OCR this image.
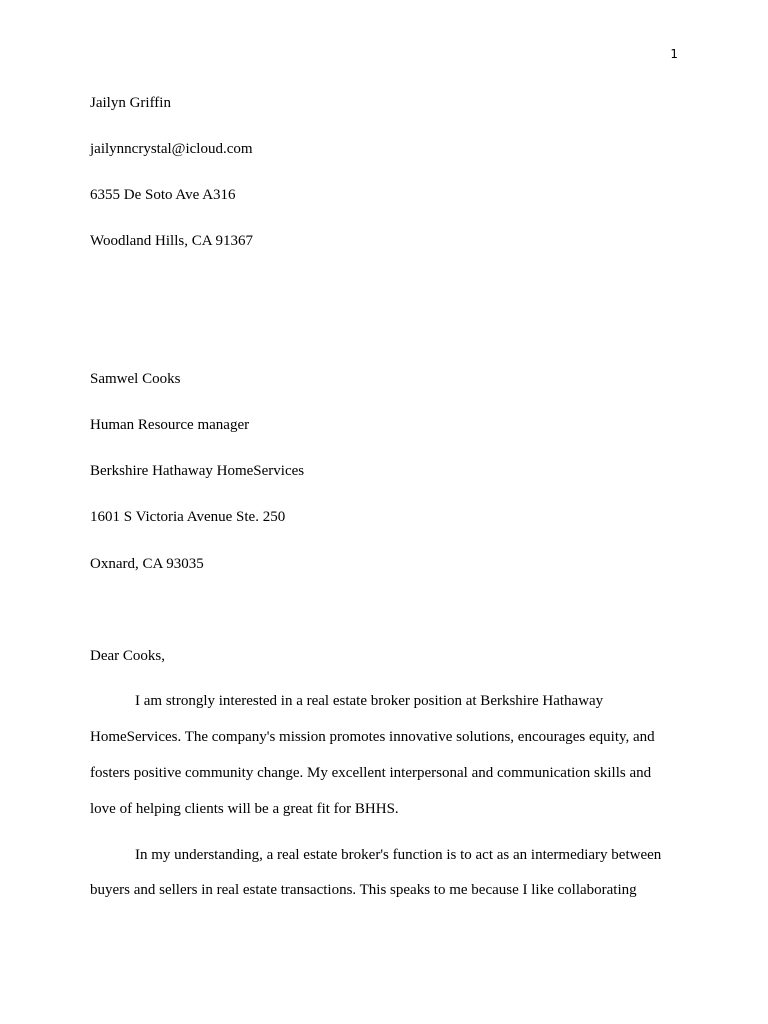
1
Jailyn Griffin
jailynncrystal@icloud.com
6355 De Soto Ave A316
Woodland Hills, CA 91367
Samwel Cooks
Human Resource manager
Berkshire Hathaway HomeServices
1601 S Victoria Avenue Ste. 250
Oxnard, CA 93035
Dear Cooks,
I am strongly interested in a real estate broker position at Berkshire Hathaway
HomeServices. The company's mission promotes innovative solutions, encourages equity, and
fosters positive community change. My excellent interpersonal and communication skills and
love of helping clients will be a great fit for BHHS.
In my understanding, a real estate broker's function is to act as an intermediary between
buyers and sellers in real estate transactions. This speaks to me because I like collaborating
